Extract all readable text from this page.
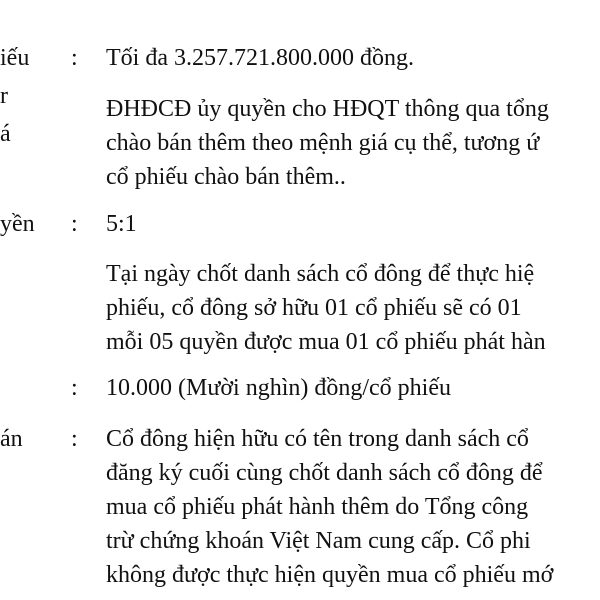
iếu
r
á
yền
án
:
:
:
:
Tối đa 3.257.721.800.000 đồng.
ĐHĐCĐ ủy quyền cho HĐQT thông qua tổng
chào bán thêm theo mệnh giá cụ thể, tương ứ
cổ phiếu chào bán thêm..
5:1
Tại ngày chốt danh sách cổ đông để thực hiệ
phiếu, cổ đông sở hữu 01 cổ phiếu sẽ có 01
mỗi 05 quyền được mua 01 cổ phiếu phát hàn
10.000 (Mười nghìn) đồng/cổ phiếu
Cổ đông hiện hữu có tên trong danh sách cổ
đăng ký cuối cùng chốt danh sách cổ đông để
mua cổ phiếu phát hành thêm do Tổng công
trừ chứng khoán Việt Nam cung cấp. Cổ phi
không được thực hiện quyền mua cổ phiếu mớ
